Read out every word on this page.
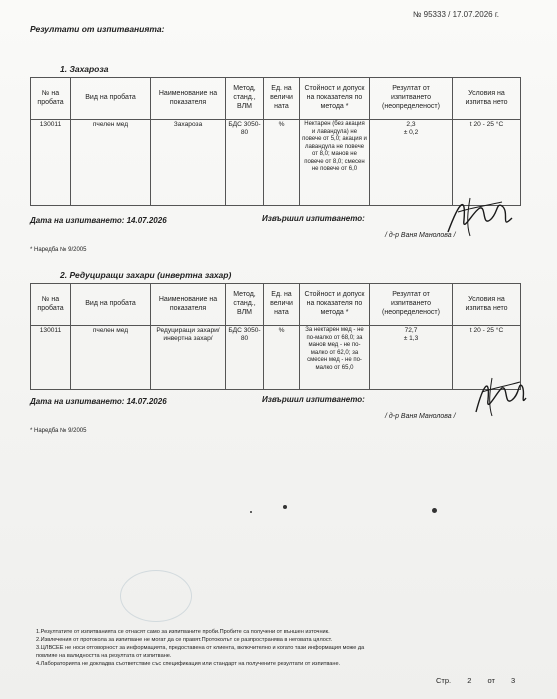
№ 95333 / 17.07.2026 г.
Резултати от изпитванията:
1. Захароза
№ на пробата	Вид на пробата	Наименование на показателя	Метод, станд., ВЛМ	Ед. на величи ната	Стойност и допуск на показателя по метода *	Резултат от изпитването (неопределеност)	Условия на изпитва нето
130011	пчелен мед	Захароза	БДС 3050-80	%	Нектарен (без акация и лавандула) не повече от 5,0; акация и лавандула не повече от 8,0; манов не повече от 8,0; смесен не повече от 6,0	2,3
± 0,2	t 20 - 25 °C
Дата на изпитването: 14.07.2026	Извършил изпитването:
/ д-р Ваня Манолова /
* Наредба № 9/2005
2. Редуциращи захари (инвертна захар)
№ на пробата	Вид на пробата	Наименование на показателя	Метод, станд., ВЛМ	Ед. на величи ната	Стойност и допуск на показателя по метода *	Резултат от изпитването (неопределеност)	Условия на изпитва нето
130011	пчелен мед	Редуциращи захари/инвертна захар/	БДС 3050-80	%	За нектарен мед - не по-малко от 68,0; за манов мед - не по-малко от 62,0; за смесен мед - не по-малко от 65,0	72,7
± 1,3	t 20 - 25 °C
Дата на изпитването: 14.07.2026	Извършил изпитването:
/ д-р Ваня Манолова /
* Наредба № 9/2005
1.Резултатите от изпитванията се отнасят само за изпитваните проби.Пробите са получени от външен източник.
2.Извлечения от протокола за изпитване не могат да се правят.Протоколът се разпространява в неговата цялост.
3.ЦЛВСЕЕ не носи отговорност за информацията, предоставена от клиента, включително и когато тази информация може да
повлияе на валидността на резултата от изпитване.
4.Лабораторията не докладва съответствие със спецификация или стандарт на получените резултати от изпитване.
Стр. 2 от 3
